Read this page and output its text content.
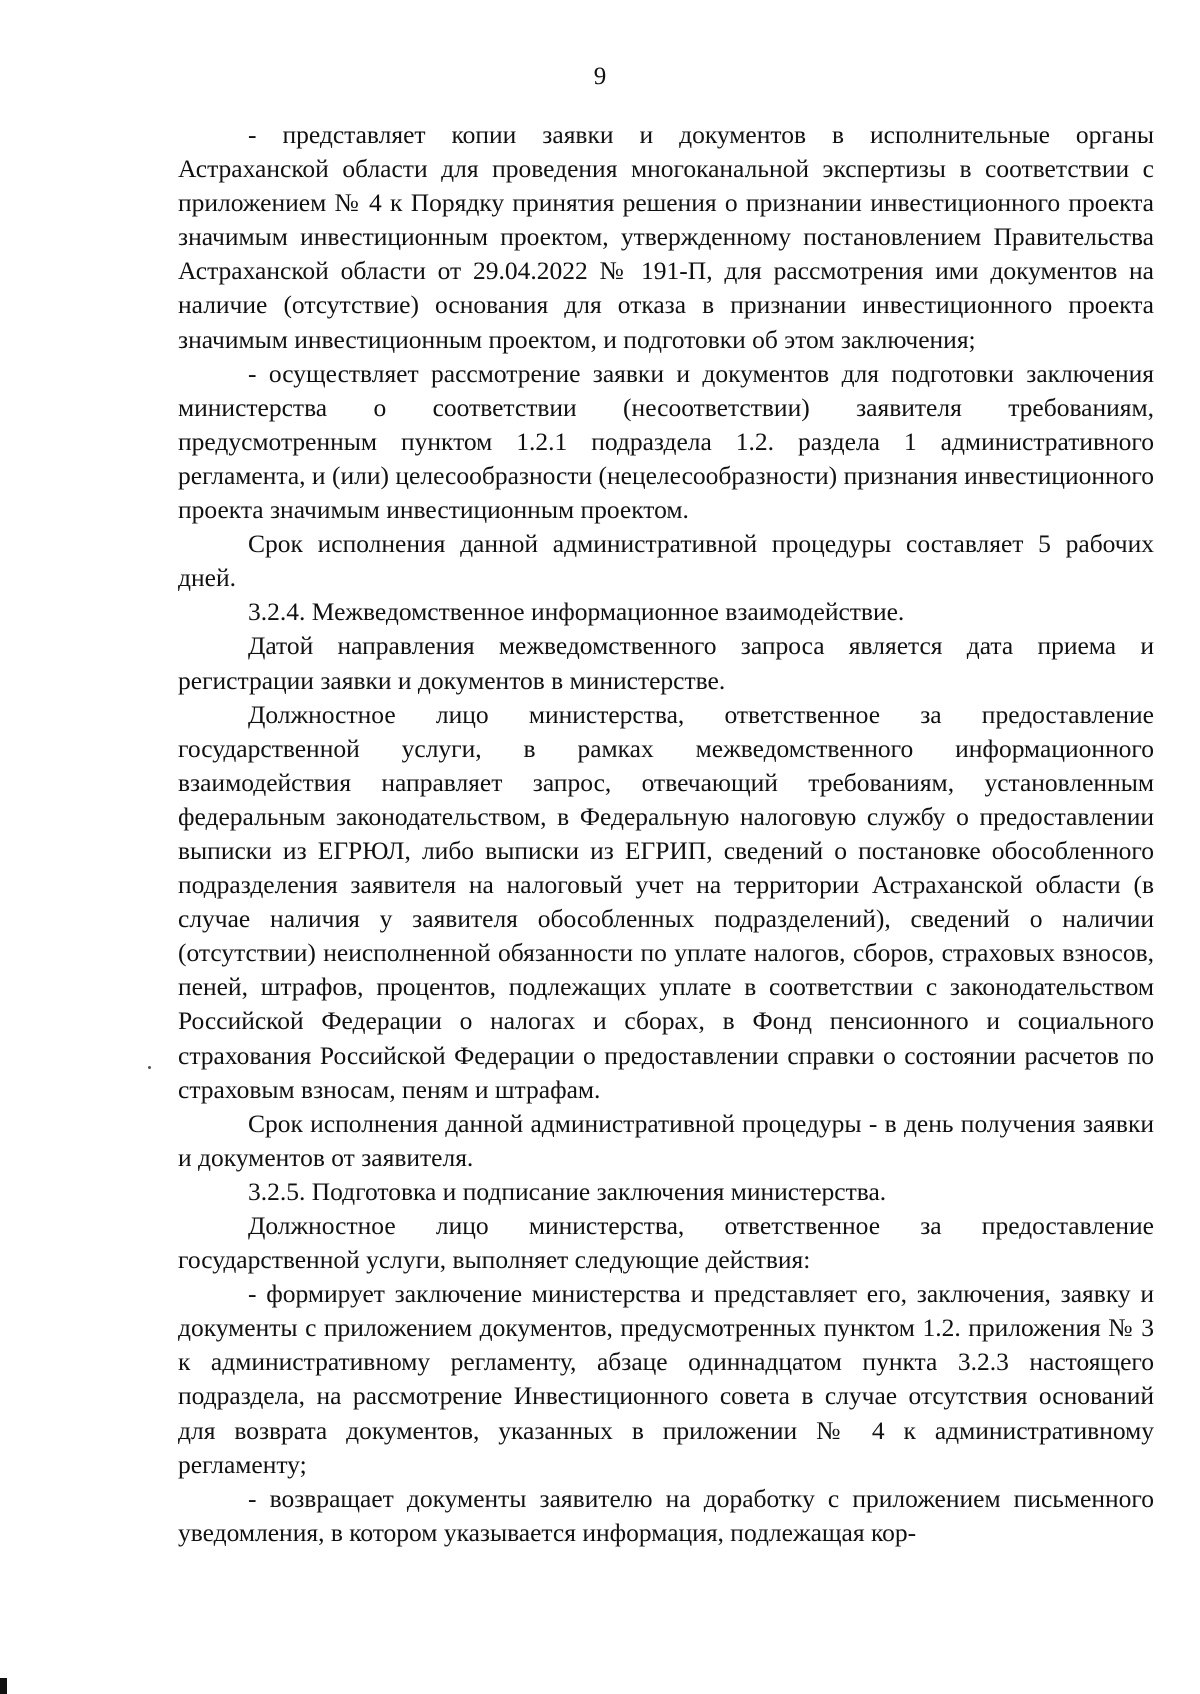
9

- представляет копии заявки и документов в исполнительные органы Астраханской области для проведения многоканальной экспертизы в соответствии с приложением № 4 к Порядку принятия решения о признании инвестиционного проекта значимым инвестиционным проектом, утвержденному постановлением Правительства Астраханской области от 29.04.2022 № 191-П, для рассмотрения ими документов на наличие (отсутствие) основания для отказа в признании инвестиционного проекта значимым инвестиционным проектом, и подготовки об этом заключения;

- осуществляет рассмотрение заявки и документов для подготовки заключения министерства о соответствии (несоответствии) заявителя требованиям, предусмотренным пунктом 1.2.1 подраздела 1.2. раздела 1 административного регламента, и (или) целесообразности (нецелесообразности) признания инвестиционного проекта значимым инвестиционным проектом.

Срок исполнения данной административной процедуры составляет 5 рабочих дней.

3.2.4. Межведомственное информационное взаимодействие.

Датой направления межведомственного запроса является дата приема и регистрации заявки и документов в министерстве.

Должностное лицо министерства, ответственное за предоставление государственной услуги, в рамках межведомственного информационного взаимодействия направляет запрос, отвечающий требованиям, установленным федеральным законодательством, в Федеральную налоговую службу о предоставлении выписки из ЕГРЮЛ, либо выписки из ЕГРИП, сведений о постановке обособленного подразделения заявителя на налоговый учет на территории Астраханской области (в случае наличия у заявителя обособленных подразделений), сведений о наличии (отсутствии) неисполненной обязанности по уплате налогов, сборов, страховых взносов, пеней, штрафов, процентов, подлежащих уплате в соответствии с законодательством Российской Федерации о налогах и сборах, в Фонд пенсионного и социального страхования Российской Федерации о предоставлении справки о состоянии расчетов по страховым взносам, пеням и штрафам.

Срок исполнения данной административной процедуры - в день получения заявки и документов от заявителя.

3.2.5. Подготовка и подписание заключения министерства.

Должностное лицо министерства, ответственное за предоставление государственной услуги, выполняет следующие действия:

- формирует заключение министерства и представляет его, заключения, заявку и документы с приложением документов, предусмотренных пунктом 1.2. приложения № 3 к административному регламенту, абзаце одиннадцатом пункта 3.2.3 настоящего подраздела, на рассмотрение Инвестиционного совета в случае отсутствия оснований для возврата документов, указанных в приложении № 4 к административному регламенту;

- возвращает документы заявителю на доработку с приложением письменного уведомления, в котором указывается информация, подлежащая кор-
